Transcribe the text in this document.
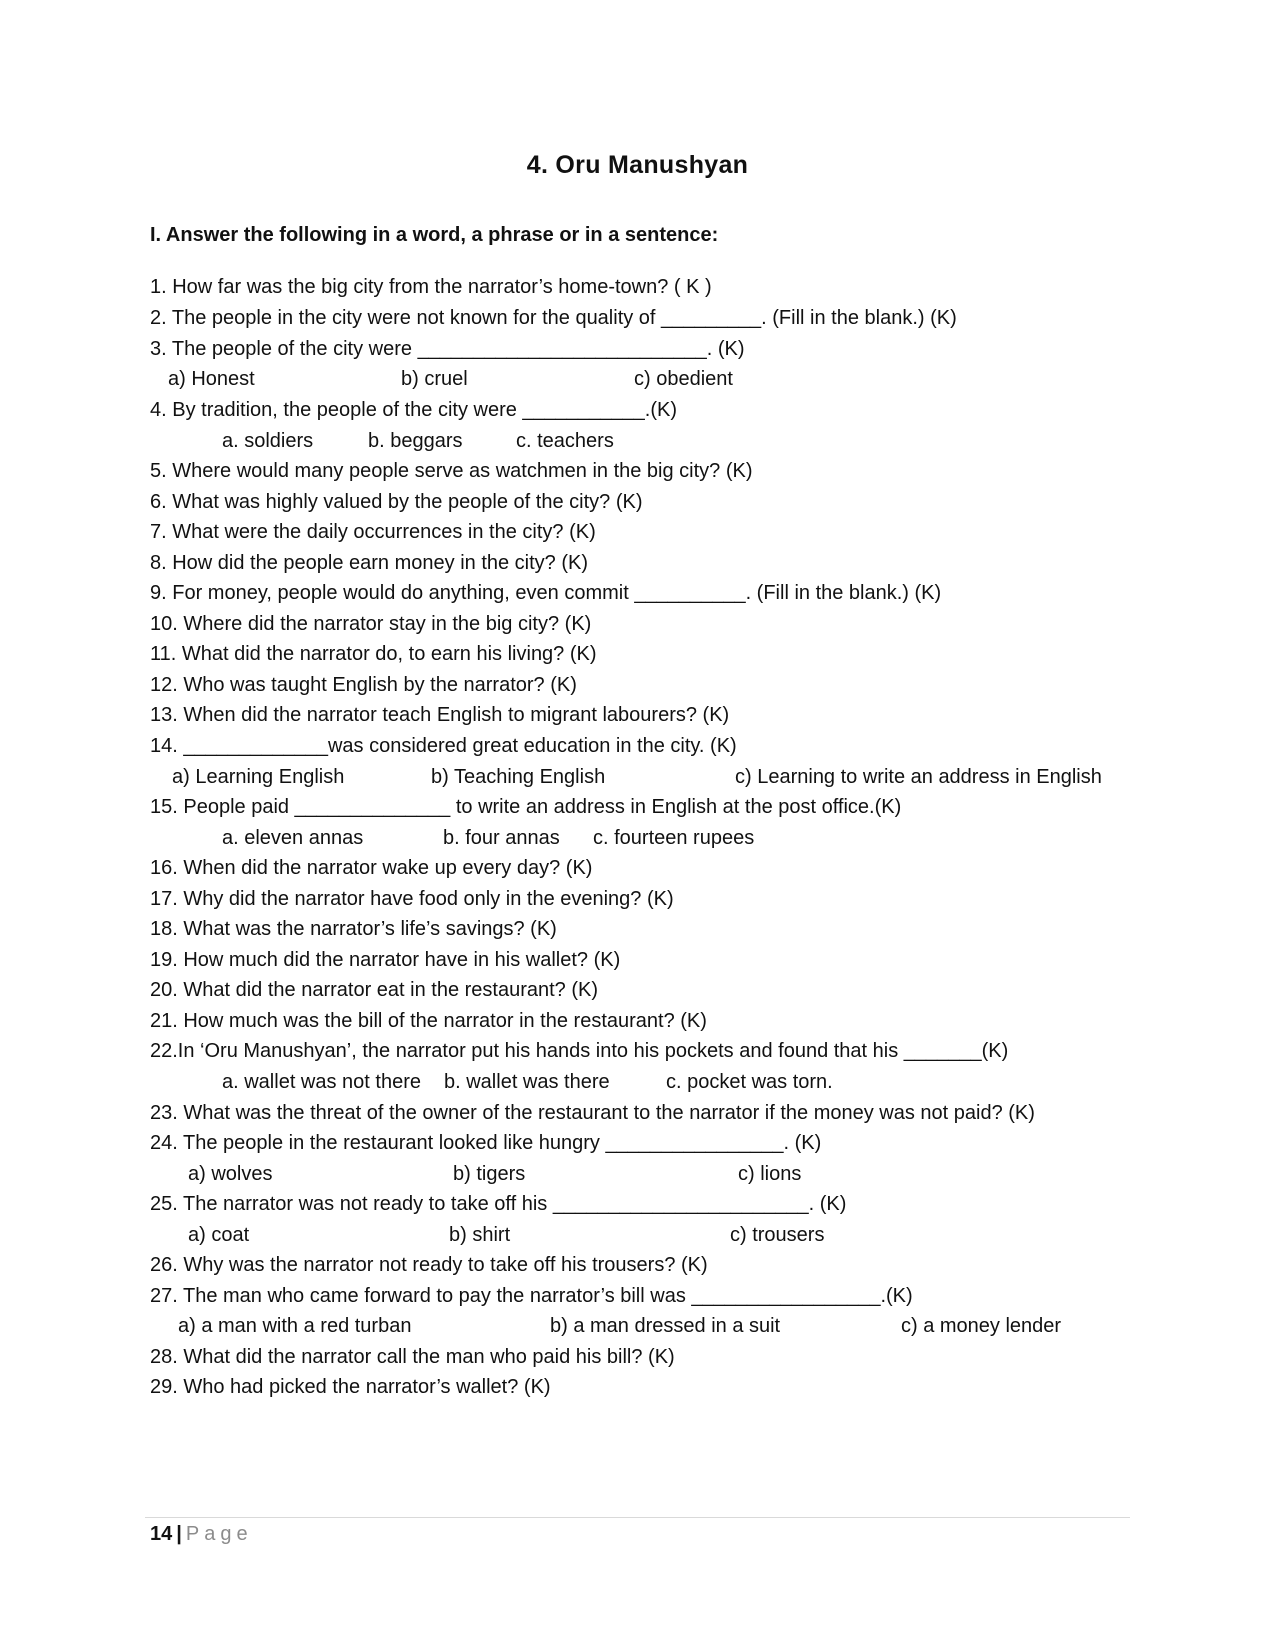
4. Oru Manushyan
I. Answer the following in a word, a phrase or in a sentence:
1. How far was the big city from the narrator’s home-town? ( K )
2. The people in the city were not known for the quality of _________. (Fill in the blank.) (K)
3. The people of the city were __________________________. (K)
a) Honest	b) cruel	c) obedient
4. By tradition, the people of the city were ___________.(K)
a. soldiers	b. beggars	c. teachers
5. Where would many people serve as watchmen in the big city? (K)
6. What was highly valued by the people of the city? (K)
7. What were the daily occurrences in the city? (K)
8. How did the people earn money in the city? (K)
9. For money, people would do anything, even commit __________. (Fill in the blank.) (K)
10. Where did the narrator stay in the big city? (K)
11. What did the narrator do, to earn his living? (K)
12. Who was taught English by the narrator? (K)
13. When did the narrator teach English to migrant labourers? (K)
14. _____________was considered great education in the city. (K)
a) Learning English	b) Teaching English	c) Learning to write an address in English
15. People paid ______________ to write an address in English at the post office.(K)
a. eleven annas	b. four annas c. fourteen rupees
16. When did the narrator wake up every day? (K)
17. Why did the narrator have food only in the evening? (K)
18. What was the narrator’s life’s savings? (K)
19. How much did the narrator have in his wallet? (K)
20. What did the narrator eat in the restaurant? (K)
21. How much was the bill of the narrator in the restaurant? (K)
22.In ‘Oru Manushyan’, the narrator put his hands into his pockets and found that his _______(K)
a. wallet was not there b. wallet was there	c. pocket was torn.
23. What was the threat of the owner of the restaurant to the narrator if the money was not paid? (K)
24. The people in the restaurant looked like hungry ________________. (K)
a) wolves	b) tigers	c) lions
25. The narrator was not ready to take off his _______________________. (K)
a) coat	b) shirt	c) trousers
26. Why was the narrator not ready to take off his trousers? (K)
27. The man who came forward to pay the narrator’s bill was _________________.(K)
a) a man with a red turban	b) a man dressed in a suit	c) a money lender
28. What did the narrator call the man who paid his bill? (K)
29. Who had picked the narrator’s wallet? (K)
14 | Page
